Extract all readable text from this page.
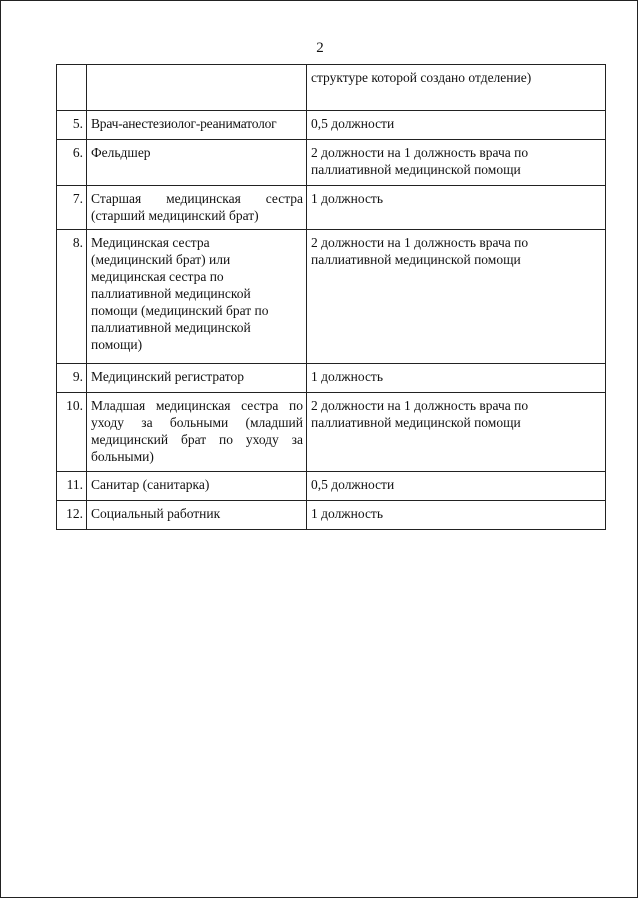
2
		структуре которой создано отделение)
5.	Врач-анестезиолог-реаниматолог	0,5 должности
6.	Фельдшер	2 должности на 1 должность врача по паллиативной медицинской помощи
7.	Старшая медицинская сестра (старший медицинский брат)	1 должность
8.	Медицинская сестра (медицинский брат) или медицинская сестра по паллиативной медицинской помощи (медицинский брат по паллиативной медицинской помощи)	2 должности на 1 должность врача по паллиативной медицинской помощи
9.	Медицинский регистратор	1 должность
10.	Младшая медицинская сестра по уходу за больными (младший медицинский брат по уходу за больными)	2 должности на 1 должность врача по паллиативной медицинской помощи
11.	Санитар (санитарка)	0,5 должности
12.	Социальный работник	1 должность
